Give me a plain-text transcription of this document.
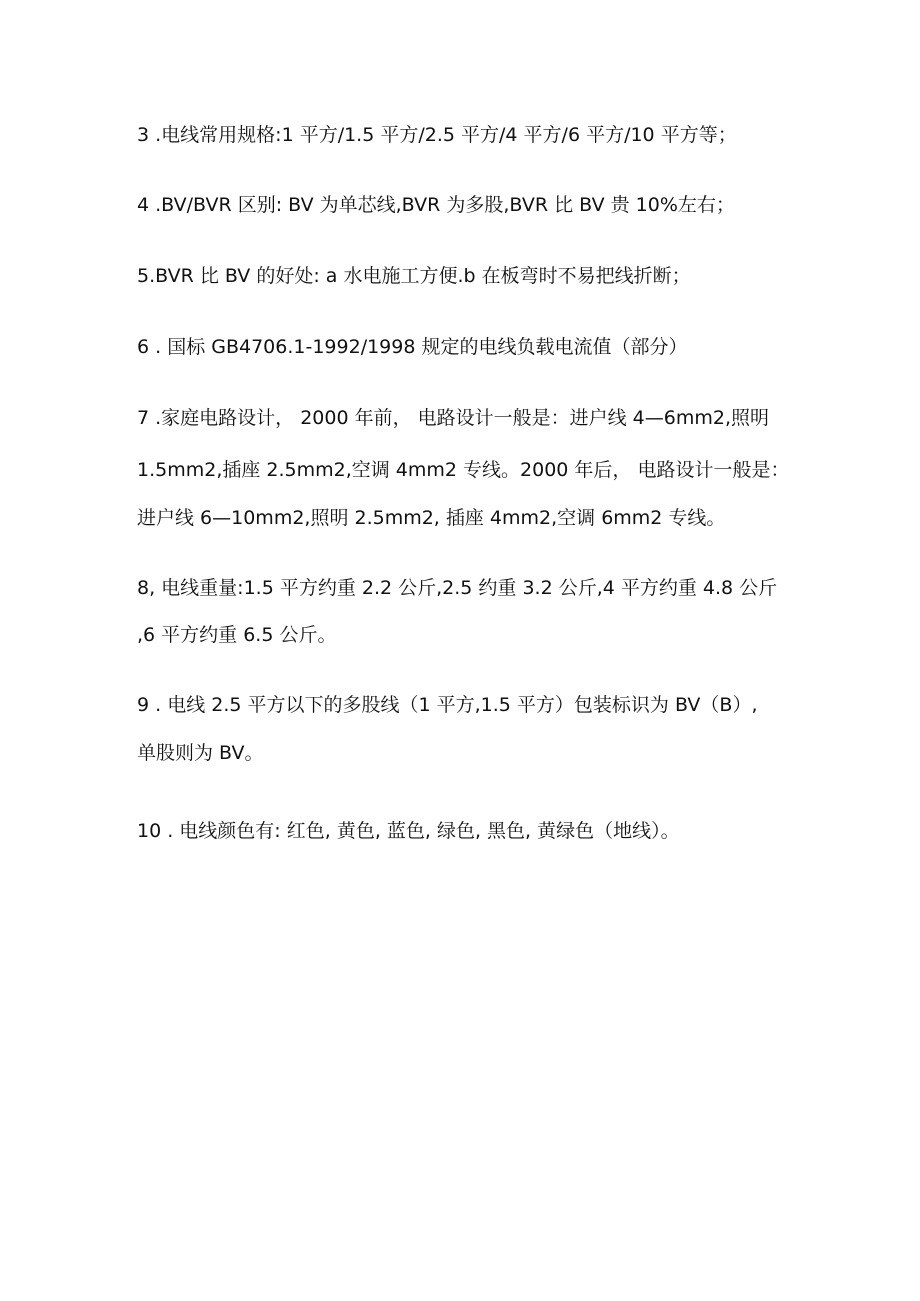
3 .电线常用规格:1 平方/1.5 平方/2.5 平方/4 平方/6 平方/10 平方等；
4 .BV/BVR 区别: BV 为单芯线,BVR 为多股,BVR 比 BV 贵 10%左右；
5.BVR 比 BV 的好处: a 水电施工方便.b 在板弯时不易把线折断；
6 . 国标 GB4706.1-1992/1998 规定的电线负载电流值（部分）
7 .家庭电路设计， 2000 年前， 电路设计一般是：进户线 4—6mm2,照明
1.5mm2,插座 2.5mm2,空调 4mm2 专线。2000 年后， 电路设计一般是：
进户线 6—10mm2,照明 2.5mm2, 插座 4mm2,空调 6mm2 专线。
8, 电线重量:1.5 平方约重 2.2 公斤,2.5 约重 3.2 公斤,4 平方约重 4.8 公斤
,6 平方约重 6.5 公斤。
9 . 电线 2.5 平方以下的多股线（1 平方,1.5 平方）包装标识为 BV（B）,
单股则为 BV。
10 . 电线颜色有: 红色, 黄色, 蓝色, 绿色, 黑色, 黄绿色（地线）。
